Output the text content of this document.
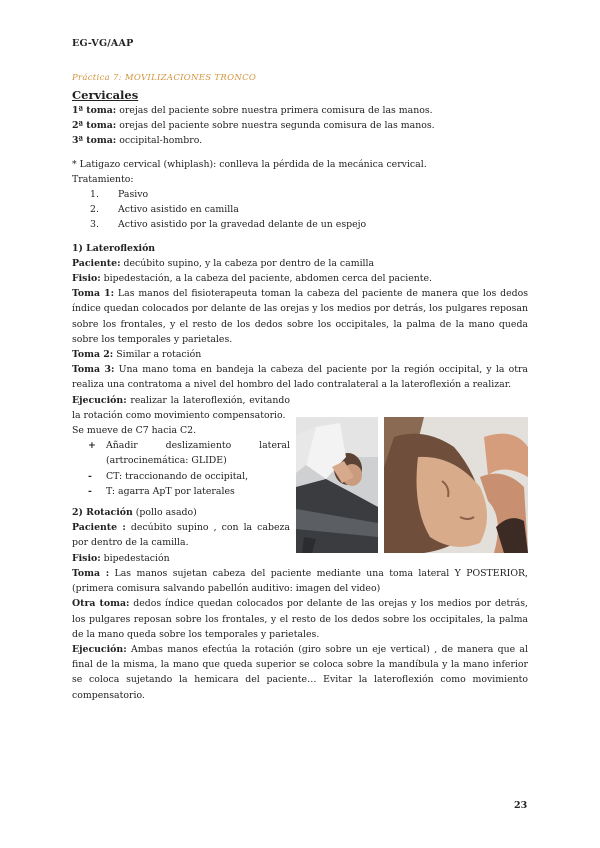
EG-VG/AAP
Práctica 7: MOVILIZACIONES TRONCO

Cervicales

1ª toma: orejas del paciente sobre nuestra primera comisura de las manos.

2ª toma: orejas del paciente sobre nuestra segunda comisura de las manos.

3ª toma: occipital-hombro.

* Latigazo cervical (whiplash): conlleva la pérdida de la mecánica cervical.

Tratamiento:

1. Pasivo
2. Activo asistido en camilla
3. Activo asistido por la gravedad delante de un espejo

1) Lateroflexión

Paciente: decúbito supino, y la cabeza por dentro de la camilla

Fisio: bipedestación, a la cabeza del paciente, abdomen cerca del paciente.

Toma 1: Las manos del fisioterapeuta toman la cabeza del paciente de manera que los dedos índice quedan colocados por delante de las orejas y los medios por detrás, los pulgares reposan sobre los frontales, y el resto de los dedos sobre los occipitales, la palma de la mano queda sobre los temporales y parietales.

Toma 2: Similar a rotación

Toma 3: Una mano toma en bandeja la cabeza del paciente por la región occipital, y la otra realiza una contratoma a nivel del hombro del lado contralateral a la lateroflexión a realizar.

Ejecución: realizar la lateroflexión, evitando la rotación como movimiento compensatorio.

Se mueve de C7 hacia C2.

+ Añadir deslizamiento lateral (artrocinemática: GLIDE)
- CT: traccionando de occipital,
- T: agarra ApT por laterales

2) Rotación (pollo asado)

Paciente : decúbito supino , con la cabeza por dentro de la camilla.

Fisio: bipedestación

Toma : Las manos sujetan cabeza del paciente mediante una toma lateral Y POSTERIOR, (primera comisura salvando pabellón auditivo: imagen del video)

Otra toma: dedos índice quedan colocados por delante de las orejas y los medios por detrás, los pulgares reposan sobre los frontales, y el resto de los dedos sobre los occipitales, la palma de la mano queda sobre los temporales y parietales.

Ejecución: Ambas manos efectúa la rotación (giro sobre un eje vertical) , de manera que al final de la misma, la mano que queda superior se coloca sobre la mandíbula y la mano inferior se coloca sujetando la hemicara del paciente… Evitar la lateroflexión como movimiento compensatorio.

23
